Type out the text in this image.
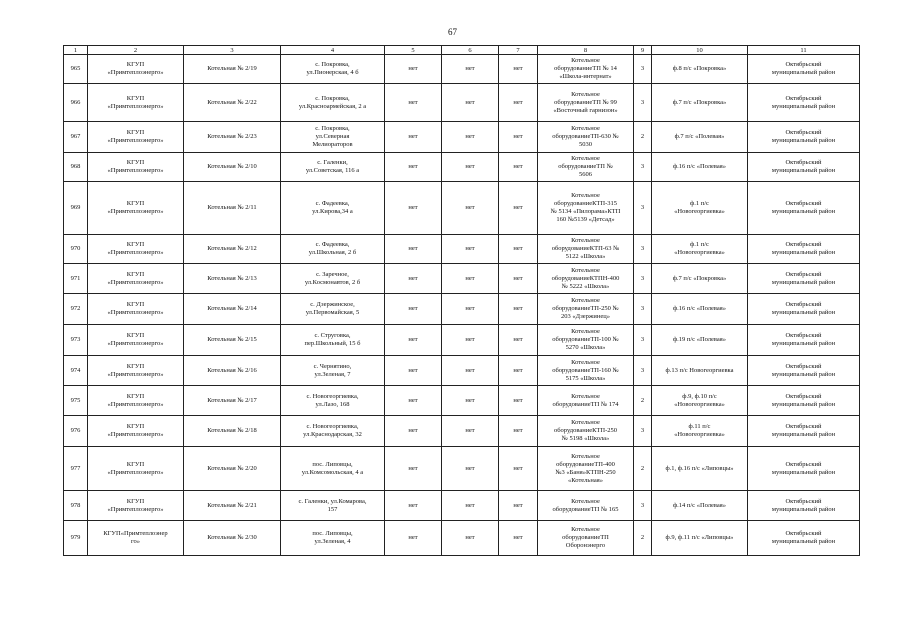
67
1	2	3	4	5	6	7	8	9	10	11
965	КГУП
«Примтеплоэнерго»	Котельная № 2/19	с. Покровка,
ул.Пионерская, 4 б	нет	нет	нет	Котельное
оборудованиеТП № 14
«Школа-интернат»	3	ф.8 п/с «Покровка»	Октябрьский
муниципальный район
966	КГУП
«Примтеплоэнерго»	Котельная № 2/22	с. Покровка,
ул.Красноармейская, 2 а	нет	нет	нет	Котельное
оборудованиеТП № 99
«Восточный гарнизон»	3	ф.7 п/с «Покровка»	Октябрьский
муниципальный район
967	КГУП
«Примтеплоэнерго»	Котельная № 2/23	с. Покровка,
ул.Северная
Мелиораторов	нет	нет	нет	Котельное
оборудованиеТП-630 №
5030	2	ф.7 п/с «Полевая»	Октябрьский
муниципальный район
968	КГУП
«Примтеплоэнерго»	Котельная № 2/10	с. Галенки,
ул.Советская, 116 а	нет	нет	нет	Котельное
оборудованиеТП №
5606	3	ф.16 п/с «Полевая»	Октябрьский
муниципальный район
969	КГУП
«Примтеплоэнерго»	Котельная № 2/11	с. Фадеевка,
ул.Кирова,34 а	нет	нет	нет	Котельное
оборудованиеКТП-315
№ 5134 «Пилорама»КТП
160 №5139 «Детсад»	3	ф.1 п/с
«Новогеоргиевка»	Октябрьский
муниципальный район
970	КГУП
«Примтеплоэнерго»	Котельная № 2/12	с. Фадеевка,
ул.Школьная, 2 б	нет	нет	нет	Котельное
оборудованиеКТП-63 №
5122 «Школа»	3	ф.1 п/с
«Новогеоргиевка»	Октябрьский
муниципальный район
971	КГУП
«Примтеплоэнерго»	Котельная № 2/13	с. Заречное,
ул.Космонавтов, 2 б	нет	нет	нет	Котельное
оборудованиеКТПН-400
№ 5222 «Школа»	3	ф.7 п/с «Покровка»	Октябрьский
муниципальный район
972	КГУП
«Примтеплоэнерго»	Котельная № 2/14	с. Дзержинское,
ул.Первомайская, 5	нет	нет	нет	Котельное
оборудованиеТП-250 №
203 «Дзержинец»	3	ф.16 п/с «Полевая»	Октябрьский
муниципальный район
973	КГУП
«Примтеплоэнерго»	Котельная № 2/15	с. Струговка,
пер.Школьный, 15 б	нет	нет	нет	Котельное
оборудованиеТП-100 №
5270 «Школа»	3	ф.19 п/с «Полевая»	Октябрьский
муниципальный район
974	КГУП
«Примтеплоэнерго»	Котельная № 2/16	с. Чернятино,
ул.Зеленая, 7	нет	нет	нет	Котельное
оборудованиеТП-160 №
5175 «Школа»	3	ф.13 п/с Новогеоргиевка	Октябрьский
муниципальный район
975	КГУП
«Примтеплоэнерго»	Котельная № 2/17	с. Новогеоргиевка,
ул.Лазо, 168	нет	нет	нет	Котельное
оборудованиеТП № 174	2	ф.9, ф.10 п/с
«Новогеоргиевка»	Октябрьский
муниципальный район
976	КГУП
«Примтеплоэнерго»	Котельная № 2/18	с. Новогеоргиевка,
ул.Краснодарская, 32	нет	нет	нет	Котельное
оборудованиеКТП-250
№ 5198 «Школа»	3	ф.11 п/с
«Новогеоргиевка»	Октябрьский
муниципальный район
977	КГУП
«Примтеплоэнерго»	Котельная № 2/20	пос. Липовцы,
ул.Комсомольская, 4 а	нет	нет	нет	Котельное
оборудованиеТП-400
№3 «Баня»КТПН-250
«Котельная»	2	ф.1, ф.16 п/с «Липовцы»	Октябрьский
муниципальный район
978	КГУП
«Примтеплоэнерго»	Котельная № 2/21	с. Галенки, ул.Комарова,
157	нет	нет	нет	Котельное
оборудованиеТП № 165	3	ф.14 п/с «Полевая»	Октябрьский
муниципальный район
979	КГУП«Примтеплоэнер
го»	Котельная № 2/30	пос. Липовцы,
ул.Зеленая, 4	нет	нет	нет	Котельное
оборудованиеТП
Оборонэнерго	2	ф.9, ф.11 п/с «Липовцы»	Октябрьский
муниципальный район
